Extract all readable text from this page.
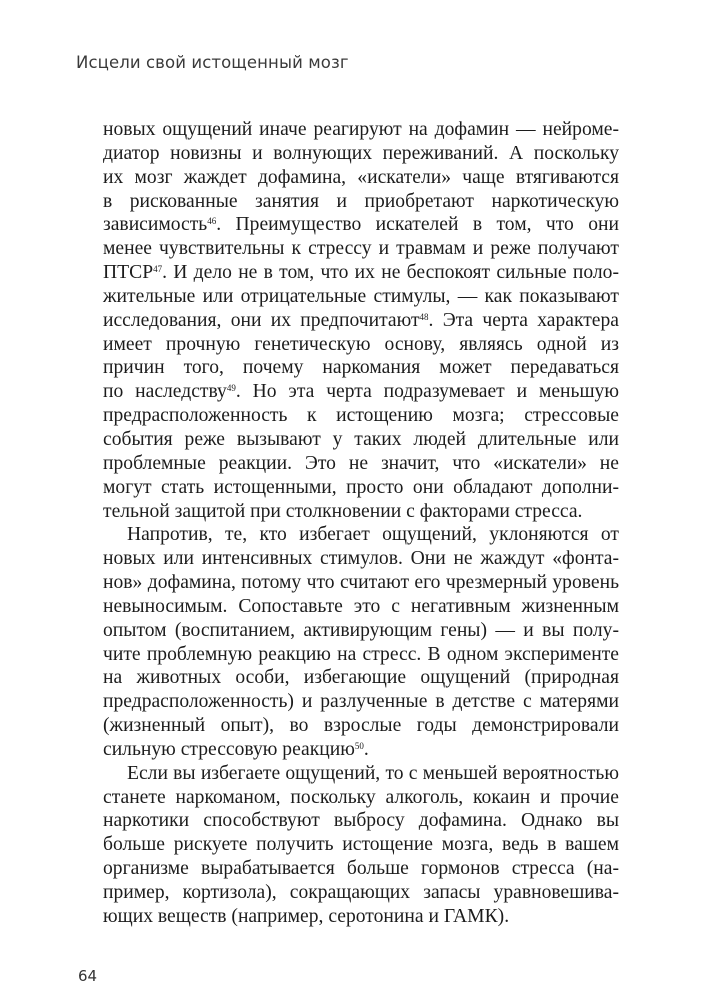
Исцели свой истощенный мозг
новых ощущений иначе реагируют на дофамин — нейроме-
диатор новизны и волнующих переживаний. А поскольку
их мозг жаждет дофамина, «искатели» чаще втягиваются
в рискованные занятия и приобретают наркотическую
зависимость$^{46}$. Преимущество искателей в том, что они
менее чувствительны к стрессу и травмам и реже получают
ПТСР$^{47}$. И дело не в том, что их не беспокоят сильные поло-
жительные или отрицательные стимулы, — как показывают
исследования, они их предпочитают$^{48}$. Эта черта характера
имеет прочную генетическую основу, являясь одной из
причин того, почему наркомания может передаваться
по наследству$^{49}$. Но эта черта подразумевает и меньшую
предрасположенность к истощению мозга; стрессовые
события реже вызывают у таких людей длительные или
проблемные реакции. Это не значит, что «искатели» не
могут стать истощенными, просто они обладают дополни-
тельной защитой при столкновении с факторами стресса.
Напротив, те, кто избегает ощущений, уклоняются от
новых или интенсивных стимулов. Они не жаждут «фонта-
нов» дофамина, потому что считают его чрезмерный уровень
невыносимым. Сопоставьте это с негативным жизненным
опытом (воспитанием, активирующим гены) — и вы полу-
чите проблемную реакцию на стресс. В одном эксперименте
на животных особи, избегающие ощущений (природная
предрасположенность) и разлученные в детстве с матерями
(жизненный опыт), во взрослые годы демонстрировали
сильную стрессовую реакцию$^{50}$.
Если вы избегаете ощущений, то с меньшей вероятностью
станете наркоманом, поскольку алкоголь, кокаин и прочие
наркотики способствуют выбросу дофамина. Однако вы
больше рискуете получить истощение мозга, ведь в вашем
организме вырабатывается больше гормонов стресса (на-
пример, кортизола), сокращающих запасы уравновешива-
ющих веществ (например, серотонина и ГАМК).
64
